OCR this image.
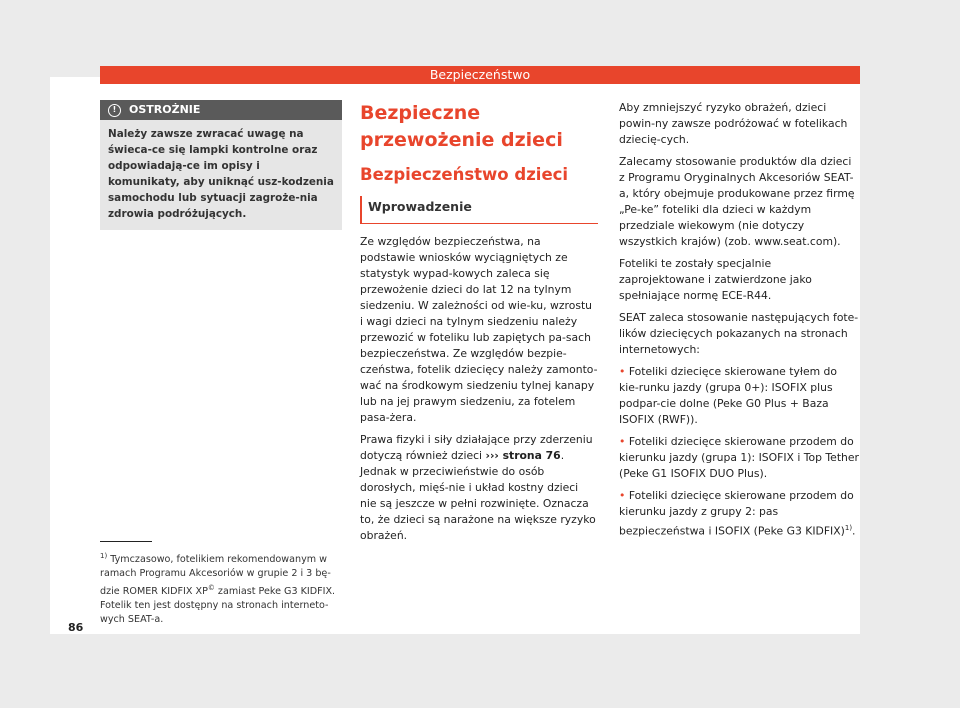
Bezpieczeństwo
!	OSTROŻNIE
Należy zawsze zwracać uwagę na świeca-ce się lampki kontrolne oraz odpowiadają-ce im opisy i komunikaty, aby uniknąć usz-kodzenia samochodu lub sytuacji zagroże-nia zdrowia podróżujących.
Bezpieczne przewożenie dzieci
Bezpieczeństwo dzieci
Wprowadzenie

Ze względów bezpieczeństwa, na podstawie wniosków wyciągniętych ze statystyk wypad-kowych zaleca się przewożenie dzieci do lat 12 na tylnym siedzeniu. W zależności od wie-ku, wzrostu i wagi dzieci na tylnym siedzeniu należy przewozić w foteliku lub zapiętych pa-sach bezpieczeństwa. Ze względów bezpie-czeństwa, fotelik dziecięcy należy zamonto-wać na środkowym siedzeniu tylnej kanapy lub na jej prawym siedzeniu, za fotelem pasa-żera.

Prawa fizyki i siły działające przy zderzeniu dotyczą również dzieci ››› strona 76. Jednak w przeciwieństwie do osób dorosłych, mięś-nie i układ kostny dzieci nie są jeszcze w pełni rozwinięte. Oznacza to, że dzieci są narażone na większe ryzyko obrażeń.

Aby zmniejszyć ryzyko obrażeń, dzieci powin-ny zawsze podróżować w fotelikach dziecię-cych.

Zalecamy stosowanie produktów dla dzieci z Programu Oryginalnych Akcesoriów SEAT-a, który obejmuje produkowane przez firmę „Pe-ke” foteliki dla dzieci w każdym przedziale wiekowym (nie dotyczy wszystkich krajów) (zob. www.seat.com).

Foteliki te zostały specjalnie zaprojektowane i zatwierdzone jako spełniające normę ECE-R44.

SEAT zaleca stosowanie następujących fote-lików dziecięcych pokazanych na stronach internetowych:

• Foteliki dziecięce skierowane tyłem do kie-runku jazdy (grupa 0+): ISOFIX plus podpar-cie dolne (Peke G0 Plus + Baza ISOFIX (RWF)).

• Foteliki dziecięce skierowane przodem do kierunku jazdy (grupa 1): ISOFIX i Top Tether (Peke G1 ISOFIX DUO Plus).

• Foteliki dziecięce skierowane przodem do kierunku jazdy z grupy 2: pas bezpieczeństwa i ISOFIX (Peke G3 KIDFIX)$^{1)}$.

$^{1)}$ Tymczasowo, fotelikiem rekomendowanym w ramach Programu Akcesoriów w grupie 2 i 3 bę-dzie ROMER KIDFIX XP© zamiast Peke G3 KIDFIX. Fotelik ten jest dostępny na stronach interneto-wych SEAT-a.
86
